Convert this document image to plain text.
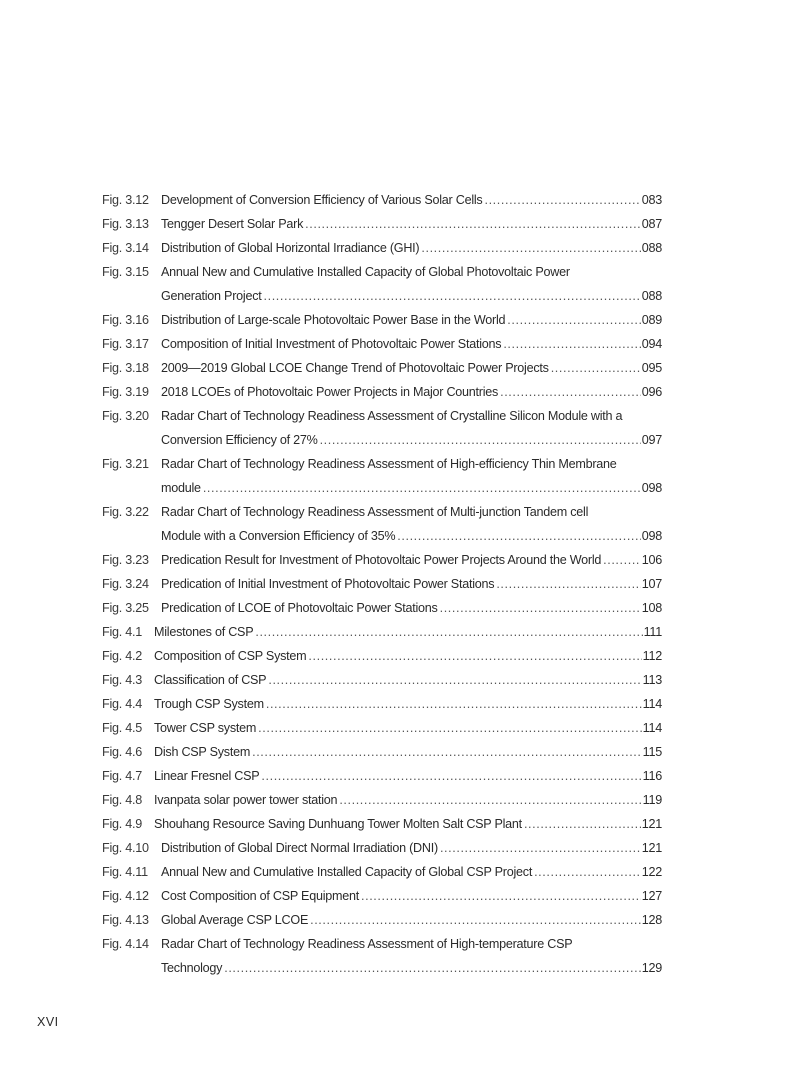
Fig. 3.12 Development of Conversion Efficiency of Various Solar Cells .....	083
Fig. 3.13 Tengger Desert Solar Park .....	087
Fig. 3.14 Distribution of Global Horizontal Irradiance (GHI) .....	088
Fig. 3.15 Annual New and Cumulative Installed Capacity of Global Photovoltaic Power
Generation Project .....	088
Fig. 3.16 Distribution of Large-scale Photovoltaic Power Base in the World .....	089
Fig. 3.17 Composition of Initial Investment of Photovoltaic Power Stations .....	094
Fig. 3.18 2009—2019 Global LCOE Change Trend of Photovoltaic Power Projects .....	095
Fig. 3.19 2018 LCOEs of Photovoltaic Power Projects in Major Countries .....	096
Fig. 3.20 Radar Chart of Technology Readiness Assessment of Crystalline Silicon Module with a
Conversion Efficiency of 27% .....	097
Fig. 3.21 Radar Chart of Technology Readiness Assessment of High-efficiency Thin Membrane
module .....	098
Fig. 3.22 Radar Chart of Technology Readiness Assessment of Multi-junction Tandem cell
Module with a Conversion Efficiency of 35% .....	098
Fig. 3.23 Predication Result for Investment of Photovoltaic Power Projects Around the World .....	106
Fig. 3.24 Predication of Initial Investment of Photovoltaic Power Stations .....	107
Fig. 3.25 Predication of LCOE of Photovoltaic Power Stations .....	108
Fig. 4.1 Milestones of CSP .....	111
Fig. 4.2 Composition of CSP System .....	112
Fig. 4.3 Classification of CSP .....	113
Fig. 4.4 Trough CSP System .....	114
Fig. 4.5 Tower CSP system .....	114
Fig. 4.6 Dish CSP System .....	115
Fig. 4.7 Linear Fresnel CSP .....	116
Fig. 4.8 Ivanpata solar power tower station .....	119
Fig. 4.9 Shouhang Resource Saving Dunhuang Tower Molten Salt CSP Plant .....	121
Fig. 4.10 Distribution of Global Direct Normal Irradiation (DNI) .....	121
Fig. 4.11	Annual New and Cumulative Installed Capacity of Global CSP Project .....	122
Fig. 4.12 Cost Composition of CSP Equipment .....	127
Fig. 4.13 Global Average CSP LCOE .....	128
Fig. 4.14 Radar Chart of Technology Readiness Assessment of High-temperature CSP
Technology .....	129
XVI
